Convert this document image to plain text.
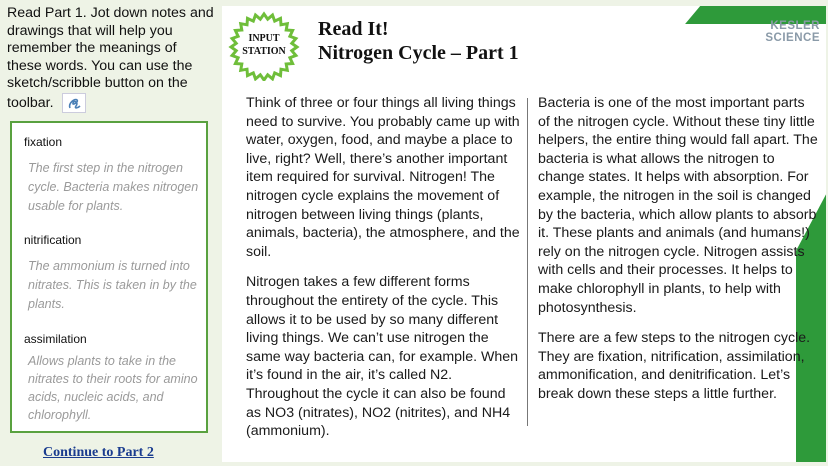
Read Part 1. Jot down notes and drawings that will help you remember the meanings of these words. You can use the sketch/scribble button on the toolbar.
fixation
The first step in the nitrogen cycle. Bacteria makes nitrogen usable for plants.
nitrification
The ammonium is turned into nitrates. This is taken in by the plants.
assimilation
Allows plants to take in the nitrates to their roots for amino acids, nucleic acids, and chlorophyll.
Continue to Part 2
INPUT
STATION
Read It!
Nitrogen Cycle – Part 1
KESLER
SCIENCE

Think of three or four things all living things need to survive. You probably came up with water, oxygen, food, and maybe a place to live, right? Well, there’s another important item required for survival. Nitrogen! The nitrogen cycle explains the movement of nitrogen between living things (plants, animals, bacteria), the atmosphere, and the soil.

Nitrogen takes a few different forms throughout the entirety of the cycle. This allows it to be used by so many different living things. We can’t use nitrogen the same way bacteria can, for example. When it’s found in the air, it’s called N2. Throughout the cycle it can also be found as NO3 (nitrates), NO2 (nitrites), and NH4 (ammonium).

Bacteria is one of the most important parts of the nitrogen cycle. Without these tiny little helpers, the entire thing would fall apart. The bacteria is what allows the nitrogen to change states. It helps with absorption. For example, the nitrogen in the soil is changed by the bacteria, which allow plants to absorb it. These plants and animals (and humans!) rely on the nitrogen cycle. Nitrogen assists with cells and their processes. It helps to make chlorophyll in plants, to help with photosynthesis.

There are a few steps to the nitrogen cycle. They are fixation, nitrification, assimilation, ammonification, and denitrification. Let’s break down these steps a little further.
